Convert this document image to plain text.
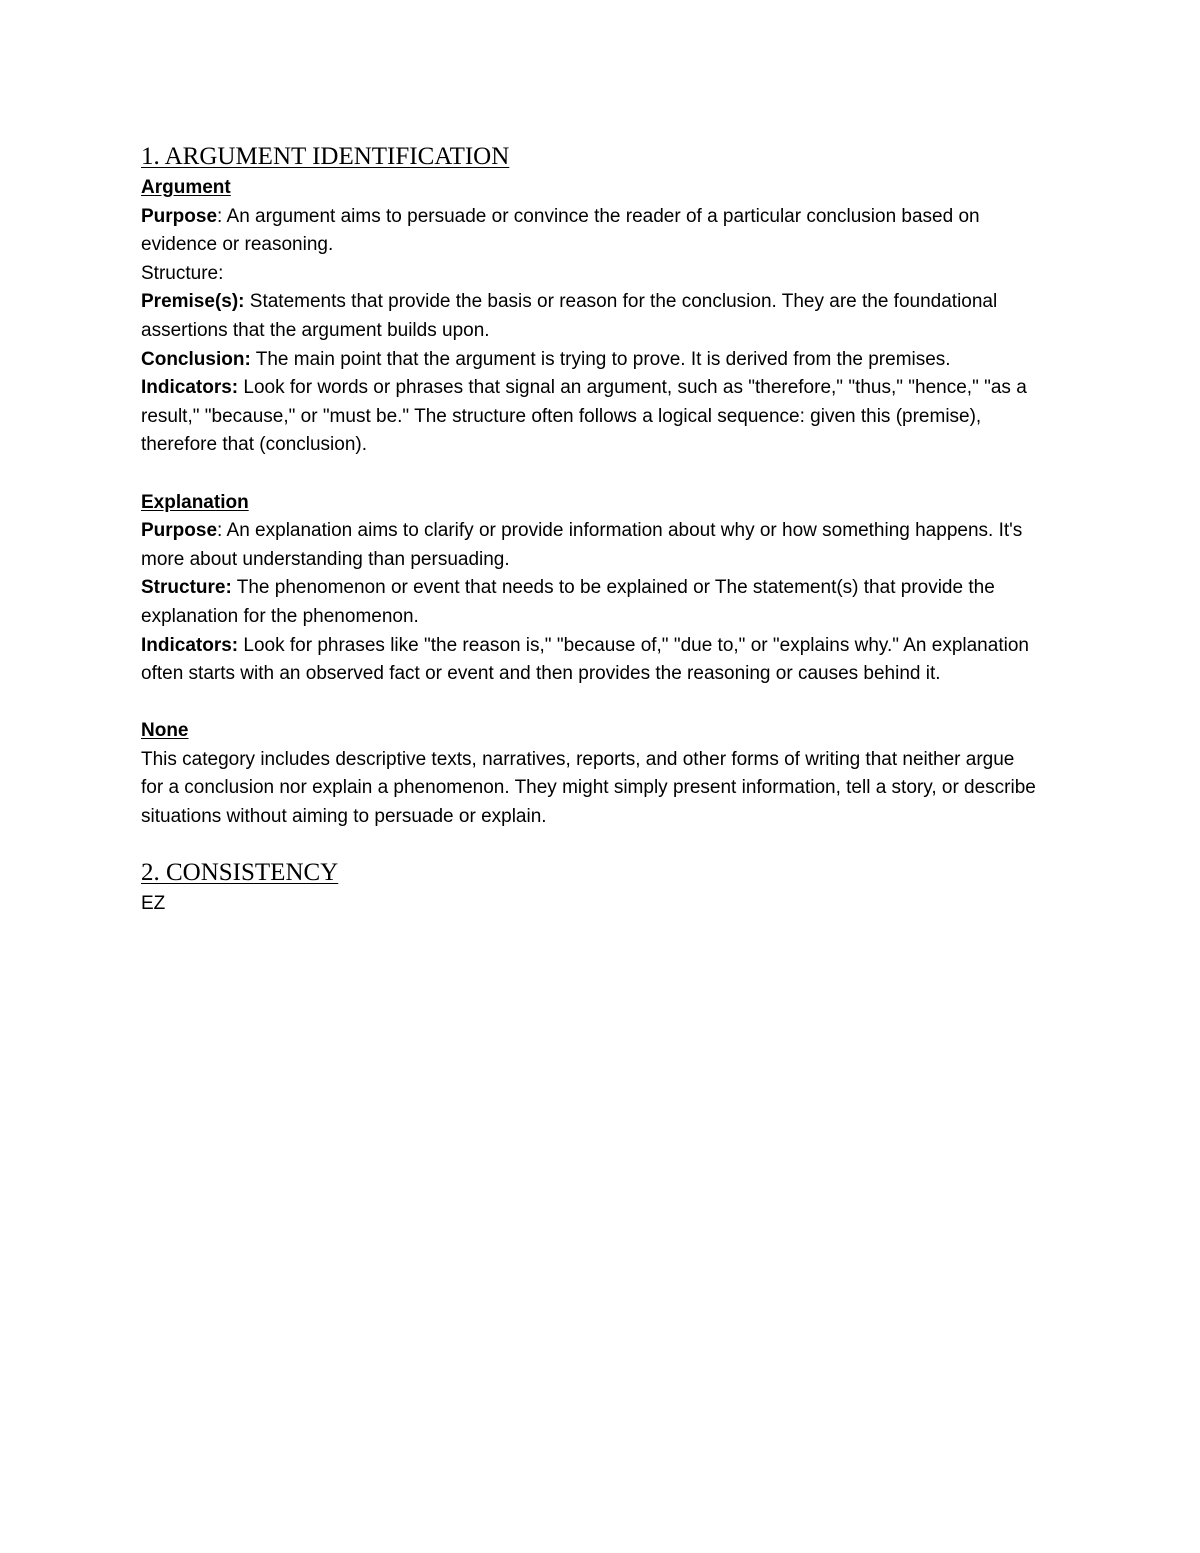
1. ARGUMENT IDENTIFICATION
Argument

Purpose: An argument aims to persuade or convince the reader of a particular conclusion based on evidence or reasoning.

Structure:

Premise(s): Statements that provide the basis or reason for the conclusion. They are the foundational assertions that the argument builds upon.

Conclusion: The main point that the argument is trying to prove. It is derived from the premises.

Indicators: Look for words or phrases that signal an argument, such as "therefore," "thus," "hence," "as a result," "because," or "must be." The structure often follows a logical sequence: given this (premise), therefore that (conclusion).

Explanation

Purpose: An explanation aims to clarify or provide information about why or how something happens. It's more about understanding than persuading.

Structure: The phenomenon or event that needs to be explained or The statement(s) that provide the explanation for the phenomenon.

Indicators: Look for phrases like "the reason is," "because of," "due to," or "explains why." An explanation often starts with an observed fact or event and then provides the reasoning or causes behind it.

None

This category includes descriptive texts, narratives, reports, and other forms of writing that neither argue for a conclusion nor explain a phenomenon. They might simply present information, tell a story, or describe situations without aiming to persuade or explain.

2. CONSISTENCY

EZ
